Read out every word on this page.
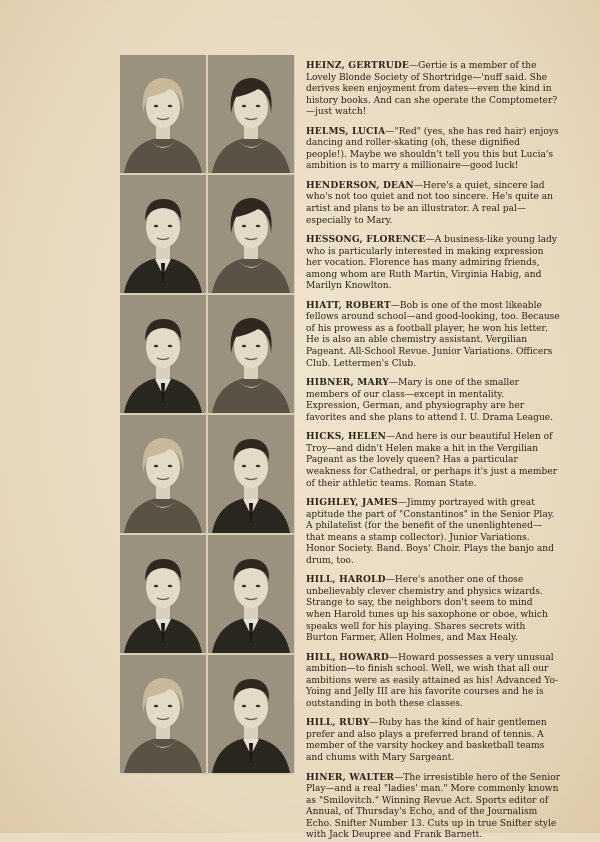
HEINZ, GERTRUDE—Gertie is a member of the Lovely Blonde Society of Shortridge—'nuff said. She derives keen enjoyment from dates—even the kind in history books. And can she operate the Comptometer?—just watch!

HELMS, LUCIA—"Red" (yes, she has red hair) enjoys dancing and roller-skating (oh, these dignified people!). Maybe we shouldn't tell you this but Lucia's ambition is to marry a millionaire—good luck!

HENDERSON, DEAN—Here's a quiet, sincere lad who's not too quiet and not too sincere. He's quite an artist and plans to be an illustrator. A real pal—especially to Mary.

HESSONG, FLORENCE—A business-like young lady who is particularly interested in making expression her vocation. Florence has many admiring friends, among whom are Ruth Martin, Virginia Habig, and Marilyn Knowlton.

HIATT, ROBERT—Bob is one of the most likeable fellows around school—and good-looking, too. Because of his prowess as a football player, he won his letter. He is also an able chemistry assistant. Vergilian Pageant. All-School Revue. Junior Variations. Officers Club. Lettermen's Club.

HIBNER, MARY—Mary is one of the smaller members of our class—except in mentality. Expression, German, and physiography are her favorites and she plans to attend I. U. Drama League.

HICKS, HELEN—And here is our beautiful Helen of Troy—and didn't Helen make a hit in the Vergilian Pageant as the lovely queen? Has a particular weakness for Cathedral, or perhaps it's just a member of their athletic teams. Roman State.

HIGHLEY, JAMES—Jimmy portrayed with great aptitude the part of "Constantinos" in the Senior Play. A philatelist (for the benefit of the unenlightened—that means a stamp collector). Junior Variations. Honor Society. Band. Boys' Choir. Plays the banjo and drum, too.

HILL, HAROLD—Here's another one of those unbelievably clever chemistry and physics wizards. Strange to say, the neighbors don't seem to mind when Harold tunes up his saxophone or oboe, which speaks well for his playing. Shares secrets with Burton Farmer, Allen Holmes, and Max Healy.

HILL, HOWARD—Howard possesses a very unusual ambition—to finish school. Well, we wish that all our ambitions were as easily attained as his! Advanced Yo-Yoing and Jelly III are his favorite courses and he is outstanding in both these classes.

HILL, RUBY—Ruby has the kind of hair gentlemen prefer and also plays a preferred brand of tennis. A member of the varsity hockey and basketball teams and chums with Mary Sargeant.

HINER, WALTER—The irresistible hero of the Senior Play—and a real "ladies' man." More commonly known as "Smilovitch." Winning Revue Act. Sports editor of Annual, of Thursday's Echo, and of the Journalism Echo. Snifter Number 13. Cuts up in true Snifter style with Jack Deupree and Frank Barnett.
